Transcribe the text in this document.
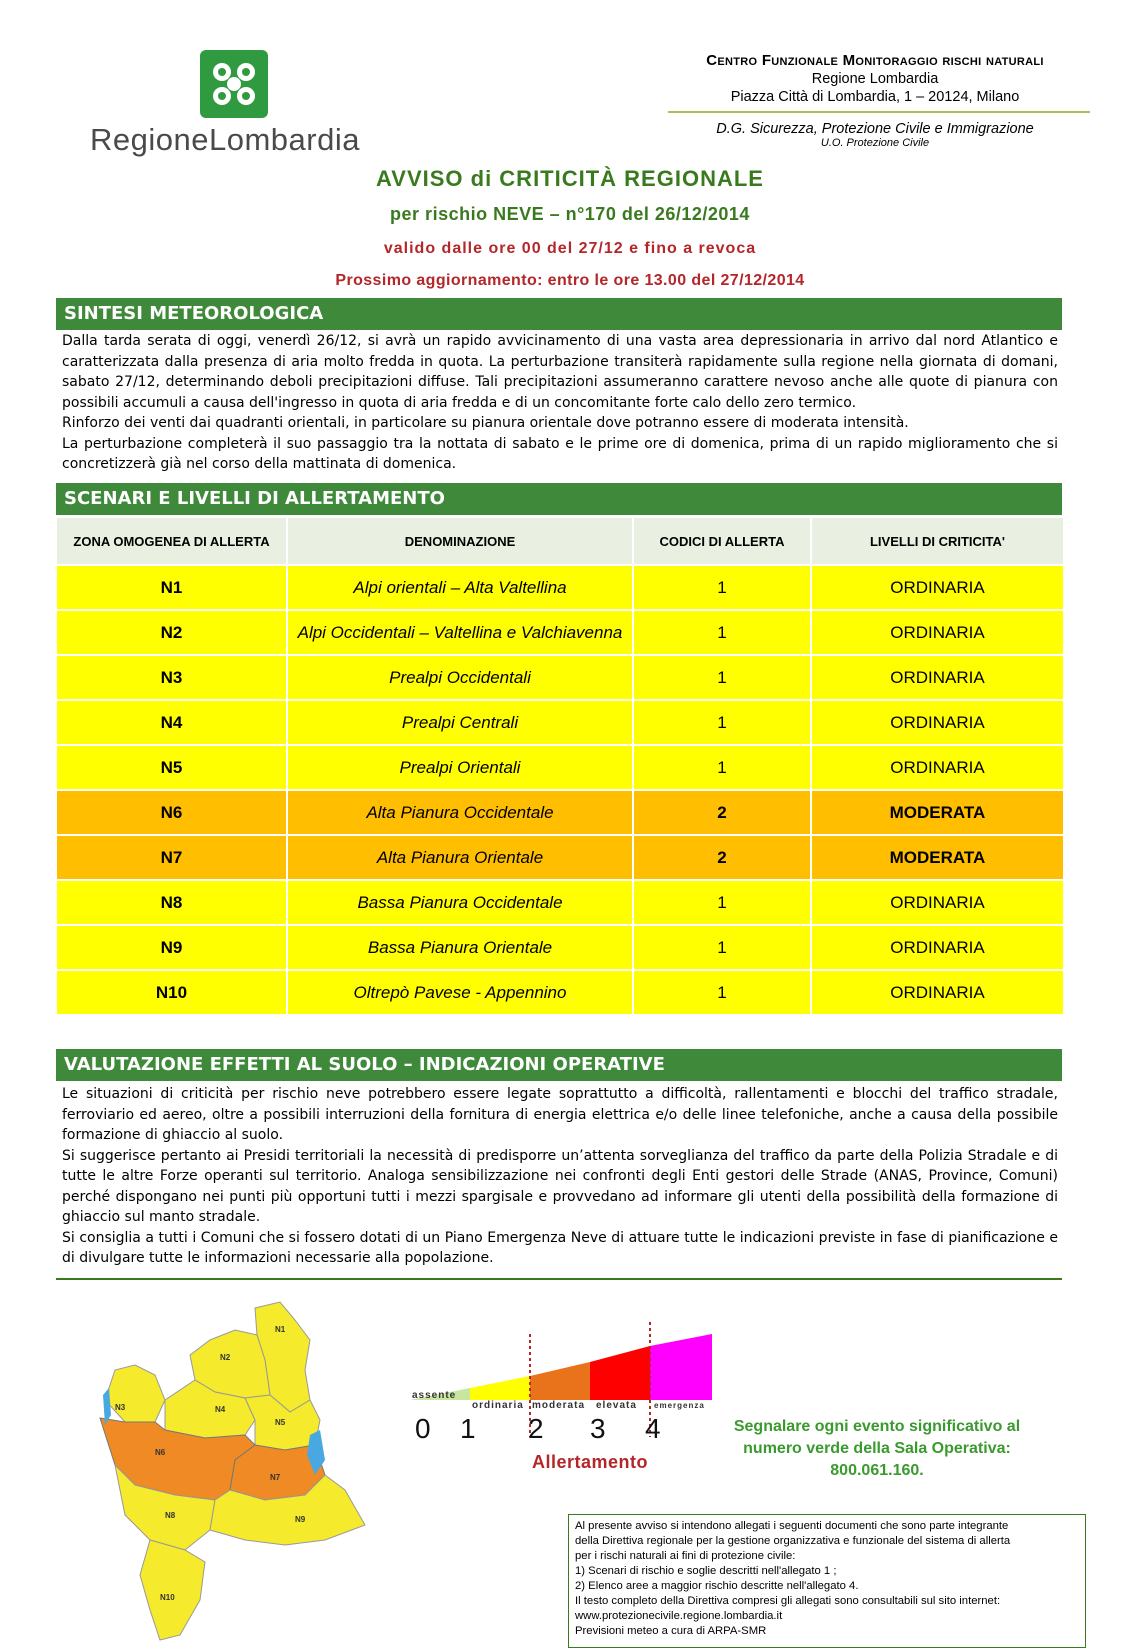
RegioneLombardia
Centro Funzionale Monitoraggio rischi naturali
Regione Lombardia
Piazza Città di Lombardia, 1 – 20124, Milano
D.G. Sicurezza, Protezione Civile e Immigrazione
U.O. Protezione Civile
AVVISO di CRITICITÀ REGIONALE
per rischio NEVE – n°170 del 26/12/2014
valido dalle ore 00 del 27/12 e fino a revoca
Prossimo aggiornamento: entro le ore 13.00 del 27/12/2014
SINTESI METEOROLOGICA

Dalla tarda serata di oggi, venerdì 26/12, si avrà un rapido avvicinamento di una vasta area depressionaria in arrivo dal nord Atlantico e caratterizzata dalla presenza di aria molto fredda in quota. La perturbazione transiterà rapidamente sulla regione nella giornata di domani, sabato 27/12, determinando deboli precipitazioni diffuse. Tali precipitazioni assumeranno carattere nevoso anche alle quote di pianura con possibili accumuli a causa dell'ingresso in quota di aria fredda e di un concomitante forte calo dello zero termico.

Rinforzo dei venti dai quadranti orientali, in particolare su pianura orientale dove potranno essere di moderata intensità.

La perturbazione completerà il suo passaggio tra la nottata di sabato e le prime ore di domenica, prima di un rapido miglioramento che si concretizzerà già nel corso della mattinata di domenica.

SCENARI E LIVELLI DI ALLERTAMENTO
ZONA OMOGENEA DI ALLERTA	DENOMINAZIONE	CODICI DI ALLERTA	LIVELLI DI CRITICITA'
N1	Alpi orientali – Alta Valtellina	1	ORDINARIA
N2	Alpi Occidentali – Valtellina e Valchiavenna	1	ORDINARIA
N3	Prealpi Occidentali	1	ORDINARIA
N4	Prealpi Centrali	1	ORDINARIA
N5	Prealpi Orientali	1	ORDINARIA
N6	Alta Pianura Occidentale	2	MODERATA
N7	Alta Pianura Orientale	2	MODERATA
N8	Bassa Pianura Occidentale	1	ORDINARIA
N9	Bassa Pianura Orientale	1	ORDINARIA
N10	Oltrepò Pavese - Appennino	1	ORDINARIA
VALUTAZIONE EFFETTI AL SUOLO – INDICAZIONI OPERATIVE

Le situazioni di criticità per rischio neve potrebbero essere legate soprattutto a difficoltà, rallentamenti e blocchi del traffico stradale, ferroviario ed aereo, oltre a possibili interruzioni della fornitura di energia elettrica e/o delle linee telefoniche, anche a causa della possibile formazione di ghiaccio al suolo.

Si suggerisce pertanto ai Presidi territoriali la necessità di predisporre un’attenta sorveglianza del traffico da parte della Polizia Stradale e di tutte le altre Forze operanti sul territorio. Analoga sensibilizzazione nei confronti degli Enti gestori delle Strade (ANAS, Province, Comuni) perché dispongano nei punti più opportuni tutti i mezzi spargisale e provvedano ad informare gli utenti della possibilità della formazione di ghiaccio sul manto stradale.

Si consiglia a tutti i Comuni che si fossero dotati di un Piano Emergenza Neve di attuare tutte le indicazioni previste in fase di pianificazione e di divulgare tutte le informazioni necessarie alla popolazione.

N1
N2
N3	N4
N5
N6
N7
N8	N9
N10
assente
ordinaria moderata elevata emergenza
0 1 2 3 4
Allertamento
Segnalare ogni evento significativo al
numero verde della Sala Operativa:
800.061.160.
Al presente avviso si intendono allegati i seguenti documenti che sono parte integrante
della Direttiva regionale per la gestione organizzativa e funzionale del sistema di allerta
per i rischi naturali ai fini di protezione civile:
1) Scenari di rischio e soglie descritti nell'allegato 1 ;
2) Elenco aree a maggior rischio descritte nell'allegato 4.
Il testo completo della Direttiva compresi gli allegati sono consultabili sul sito internet:
www.protezionecivile.regione.lombardia.it
Previsioni meteo a cura di ARPA-SMR
